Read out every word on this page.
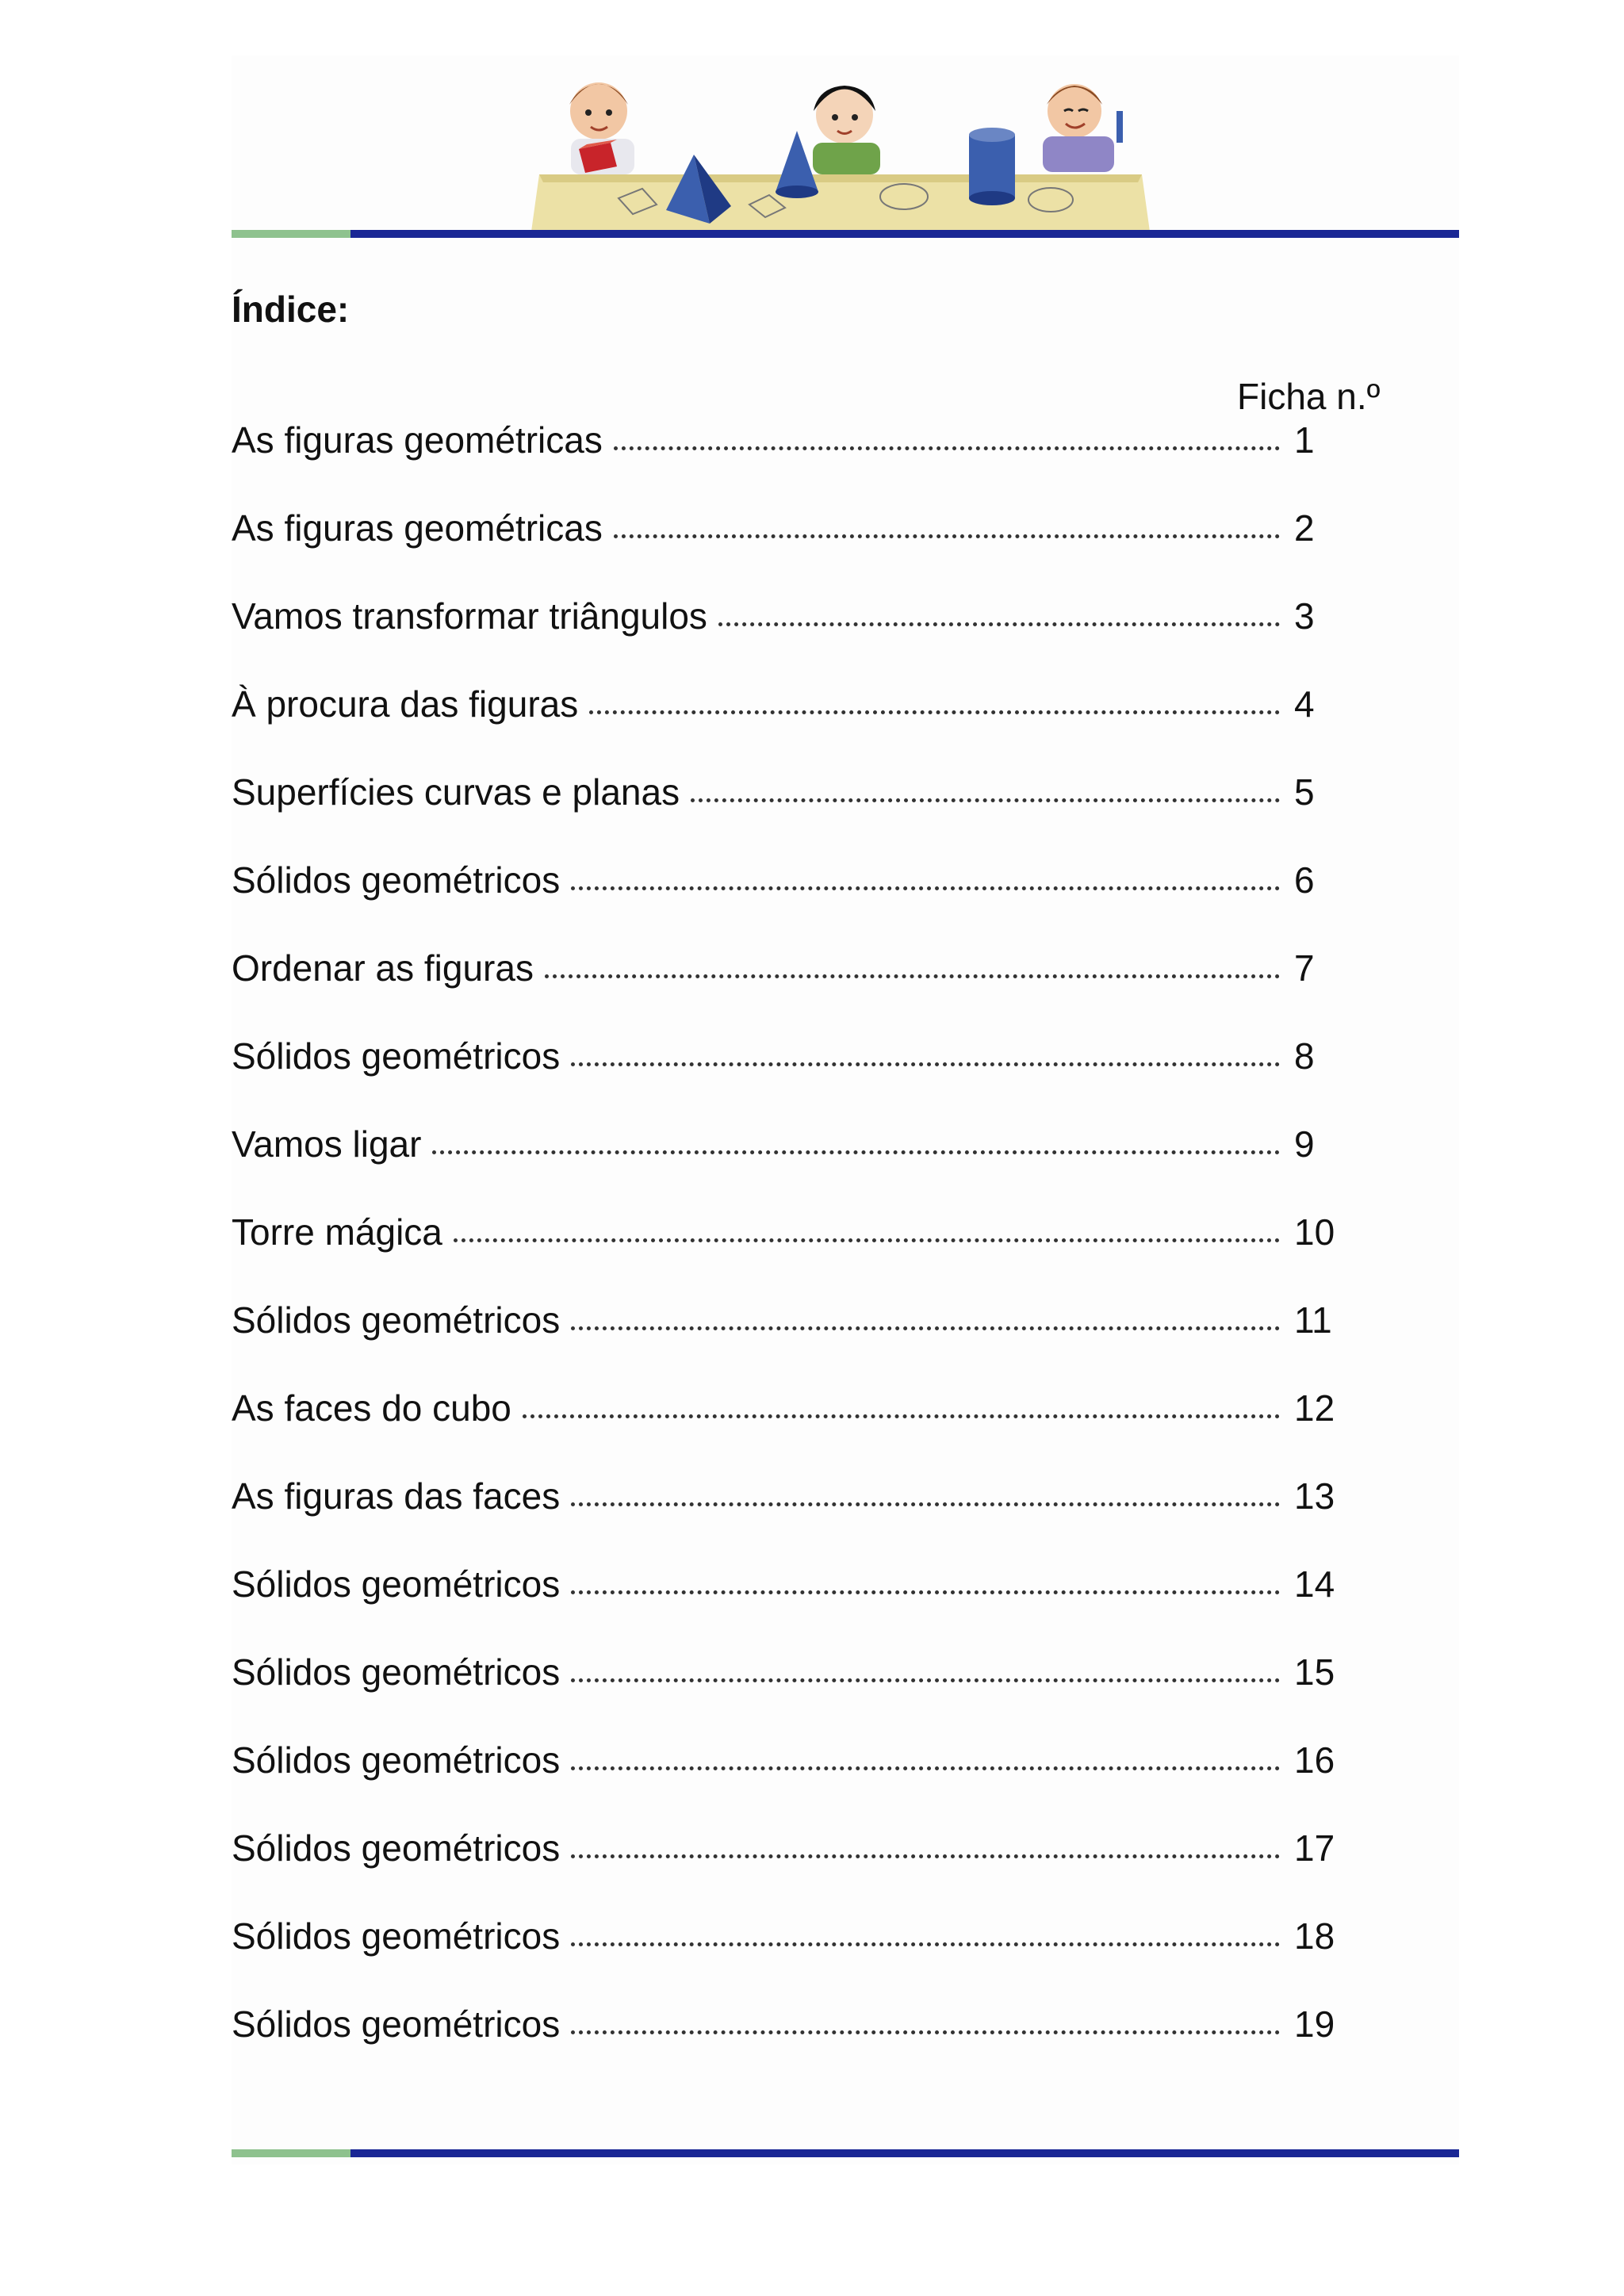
Índice:
Ficha n.º
As figuras geométricas	1
As figuras geométricas	2
Vamos transformar triângulos	3
À procura das figuras	4
Superfícies curvas e planas	5
Sólidos geométricos	6
Ordenar as figuras	7
Sólidos geométricos	8
Vamos ligar	9
Torre mágica	10
Sólidos geométricos	11
As faces do cubo	12
As figuras das faces	13
Sólidos geométricos	14
Sólidos geométricos	15
Sólidos geométricos	16
Sólidos geométricos	17
Sólidos geométricos	18
Sólidos geométricos	19
